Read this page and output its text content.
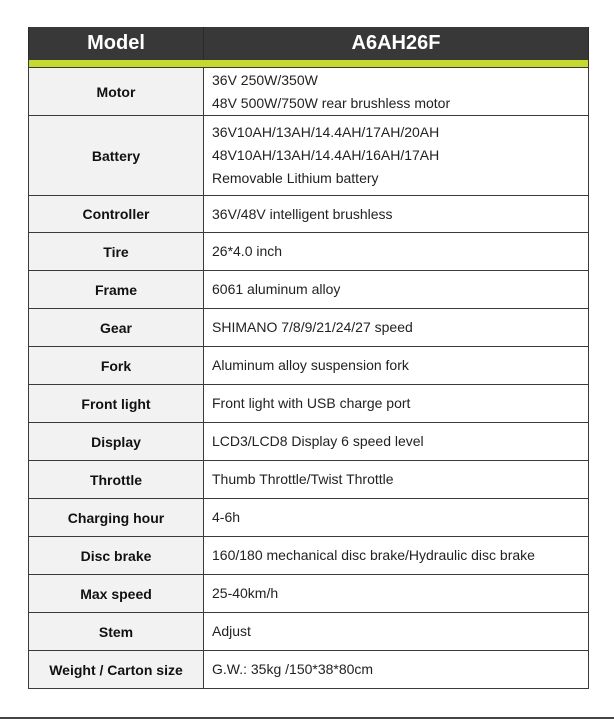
Model	A6AH26F

Motor	36V 250W/350W
48V 500W/750W rear brushless motor

Battery	36V10AH/13AH/14.4AH/17AH/20AH
48V10AH/13AH/14.4AH/16AH/17AH
Removable Lithium battery

Controller	36V/48V intelligent brushless

Tire	26*4.0 inch

Frame	6061 aluminum alloy

Gear	SHIMANO 7/8/9/21/24/27 speed

Fork	Aluminum alloy suspension fork

Front light	Front light with USB charge port

Display	LCD3/LCD8 Display 6 speed level

Throttle	Thumb Throttle/Twist Throttle

Charging hour	4-6h

Disc brake	160/180 mechanical disc brake/Hydraulic disc brake

Max speed	25-40km/h

Stem	Adjust

Weight / Carton size	G.W.: 35kg /150*38*80cm
